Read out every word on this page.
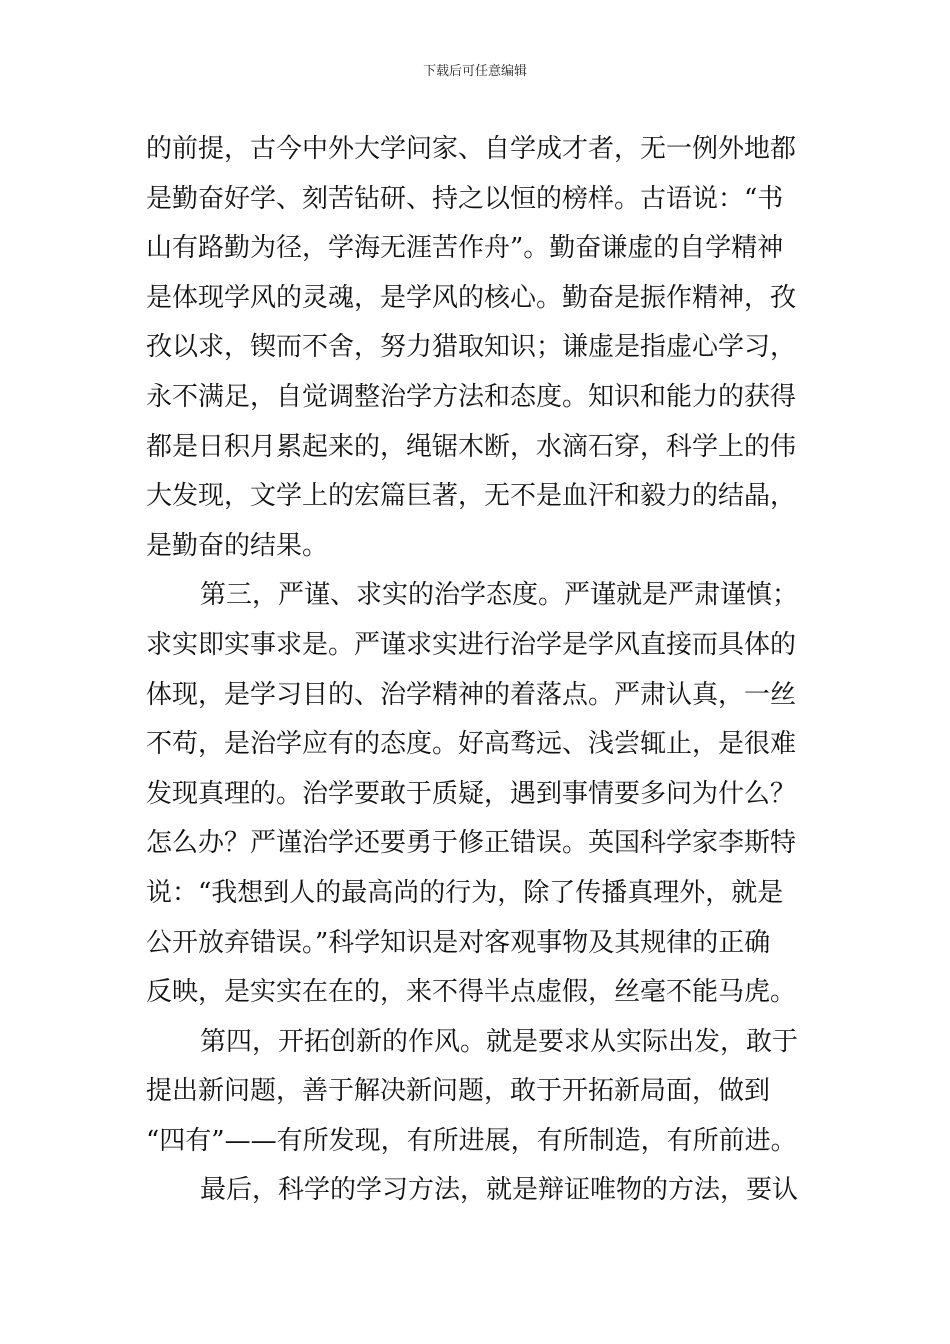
下载后可任意编辑
的前提，古今中外大学问家、自学成才者，无一例外地都
是勤奋好学、刻苦钻研、持之以恒的榜样。古语说：“书
山有路勤为径，学海无涯苦作舟”。勤奋谦虚的自学精神
是体现学风的灵魂，是学风的核心。勤奋是振作精神，孜
孜以求，锲而不舍，努力猎取知识；谦虚是指虚心学习，
永不满足，自觉调整治学方法和态度。知识和能力的获得
都是日积月累起来的，绳锯木断，水滴石穿，科学上的伟
大发现，文学上的宏篇巨著，无不是血汗和毅力的结晶，
是勤奋的结果。
第三，严谨、求实的治学态度。严谨就是严肃谨慎；
求实即实事求是。严谨求实进行治学是学风直接而具体的
体现，是学习目的、治学精神的着落点。严肃认真，一丝
不苟，是治学应有的态度。好高骛远、浅尝辄止，是很难
发现真理的。治学要敢于质疑，遇到事情要多问为什么？
怎么办？严谨治学还要勇于修正错误。英国科学家李斯特
说：“我想到人的最高尚的行为，除了传播真理外，就是
公开放弃错误。”科学知识是对客观事物及其规律的正确
反映，是实实在在的，来不得半点虚假，丝毫不能马虎。
第四，开拓创新的作风。就是要求从实际出发，敢于
提出新问题，善于解决新问题，敢于开拓新局面，做到
“四有”——有所发现，有所进展，有所制造，有所前进。
最后，科学的学习方法，就是辩证唯物的方法，要认
